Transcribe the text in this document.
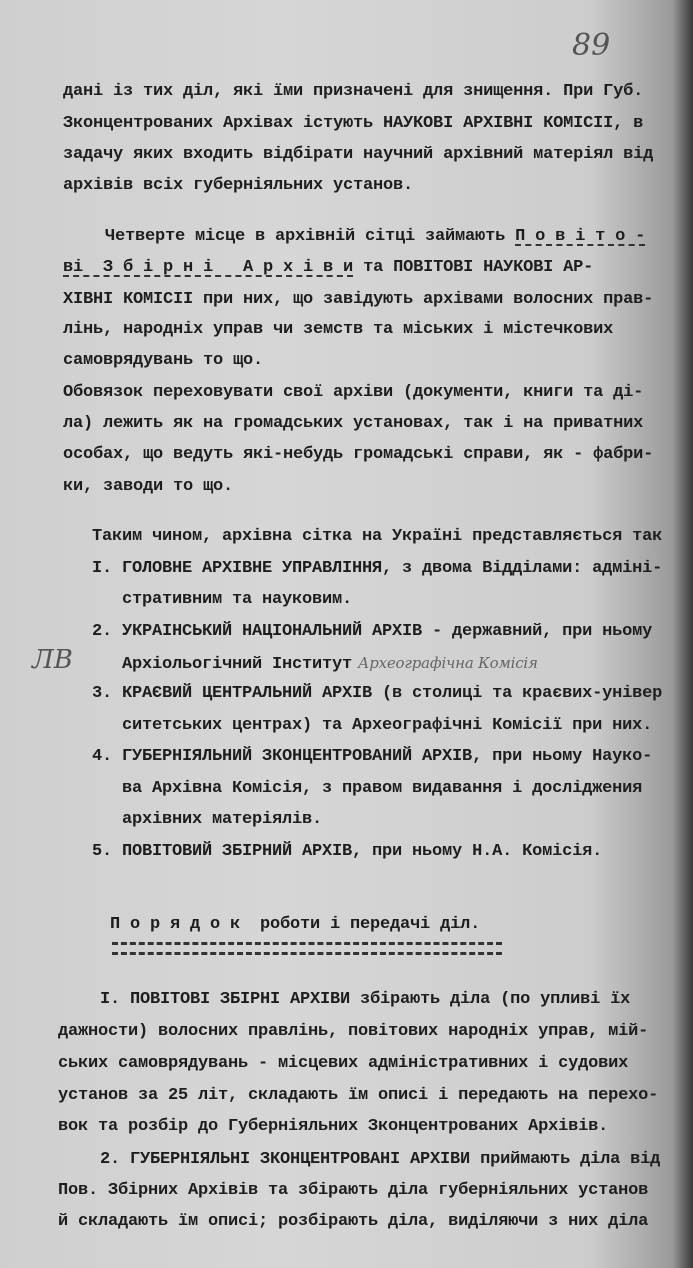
89
дані із тих діл, які їми призначені для знищення. При Губ.
Зконцентрованих Архівах істують НАУКОВІ АРХІВНІ КОМІСІІ, в
задачу яких входить відбірати научний архівний матеріял від
архівів всіх губерніяльних установ.
Четверте місце в архівній сітці займають П о в і т о -
ві  З б і р н і   А р х і в и та ПОВІТОВІ НАУКОВІ АР-
ХІВНІ КОМІСІІ при них, що завідують архівами волосних прав-
лінь, народніх управ чи земств та міських і містечкових
самоврядувань то що.
Обовязок переховувати свої архіви (документи, книги та ді-
ла) лежить як на громадських установах, так і на приватних
особах, що ведуть які-небудь громадські справи, як - фабри-
ки, заводи то що.
Таким чином, архівна сітка на Україні представляється так
I. ГОЛОВНЕ АРХІВНЕ УПРАВЛІННЯ, з двома Відділами: адміні-
стративним та науковим.
2. УКРАІНСЬКИЙ НАЦІОНАЛЬНИЙ АРХІВ - державний, при ньому
Архіольогічний Інститут Археографічна Комісія
3. КРАЄВИЙ ЦЕНТРАЛЬНИЙ АРХІВ (в столиці та краєвих-універ
ситетських центрах) та Археографічні Комісії при них.
4. ГУБЕРНІЯЛЬНИЙ ЗКОНЦЕНТРОВАНИЙ АРХІВ, при ньому Науко-
ва Архівна Комісія, з правом видавання і досліджения
архівних матеріялів.
5. ПОВІТОВИЙ ЗБІРНИЙ АРХІВ, при ньому Н.А. Комісія.
ЛВ
П о р я д о к  роботи і передачі діл.
I. ПОВІТОВІ ЗБІРНІ АРХІВИ збірають діла (по упливі їх
дажности) волосних правлінь, повітових народніх управ, мій-
ських самоврядувань - місцевих адміністративних і судових
установ за 25 літ, складають їм описі і передають на перехо-
вок та розбір до Губерніяльних Зконцентрованих Архівів.
2. ГУБЕРНІЯЛЬНІ ЗКОНЦЕНТРОВАНІ АРХІВИ приймають діла від
Пов. Збірних Архівів та збірають діла губерніяльних установ
й складають їм описі; розбірають діла, виділяючи з них діла
